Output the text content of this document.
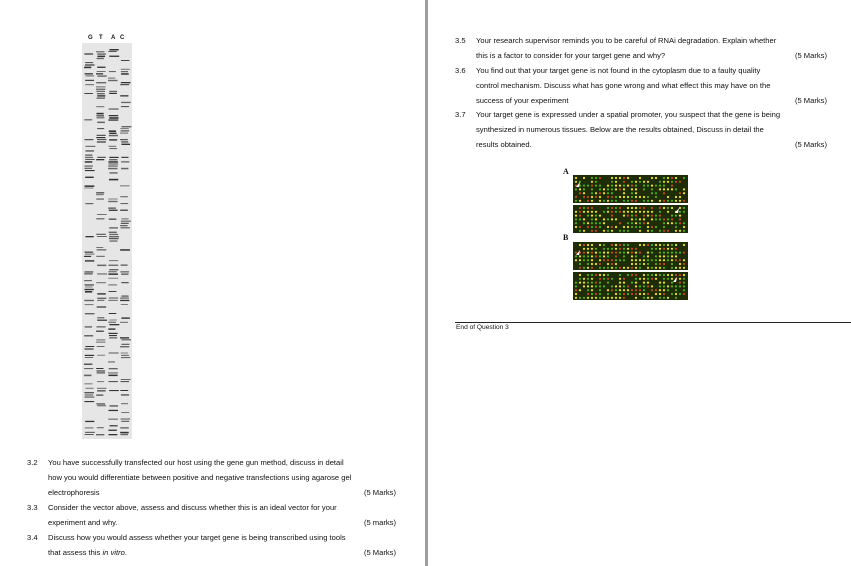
G T A C
3.2 You have successfully transfected our host using the gene gun method, discuss in detail
how you would differentiate between positive and negative transfections using agarose gel
electrophoresis	(5 Marks)
3.3 Consider the vector above, assess and discuss whether this is an ideal vector for your
experiment and why.	(5 marks)
3.4 Discuss how you would assess whether your target gene is being transcribed using tools
that assess this in vitro.	(5 Marks)
3.5 Your research supervisor reminds you to be careful of RNAi degradation. Explain whether
this is a factor to consider for your target gene and why?	(5 Marks)
3.6 You find out that your target gene is not found in the cytoplasm due to a faulty quality
control mechanism. Discuss what has gone wrong and what effect this may have on the
success of your experiment	(5 Marks)
3.7 Your target gene is expressed under a spatial promoter, you suspect that the gene is being
synthesized in numerous tissues. Below are the results obtained, Discuss in detail the
results obtained.	(5 Marks)
A
B
End of Question 3
